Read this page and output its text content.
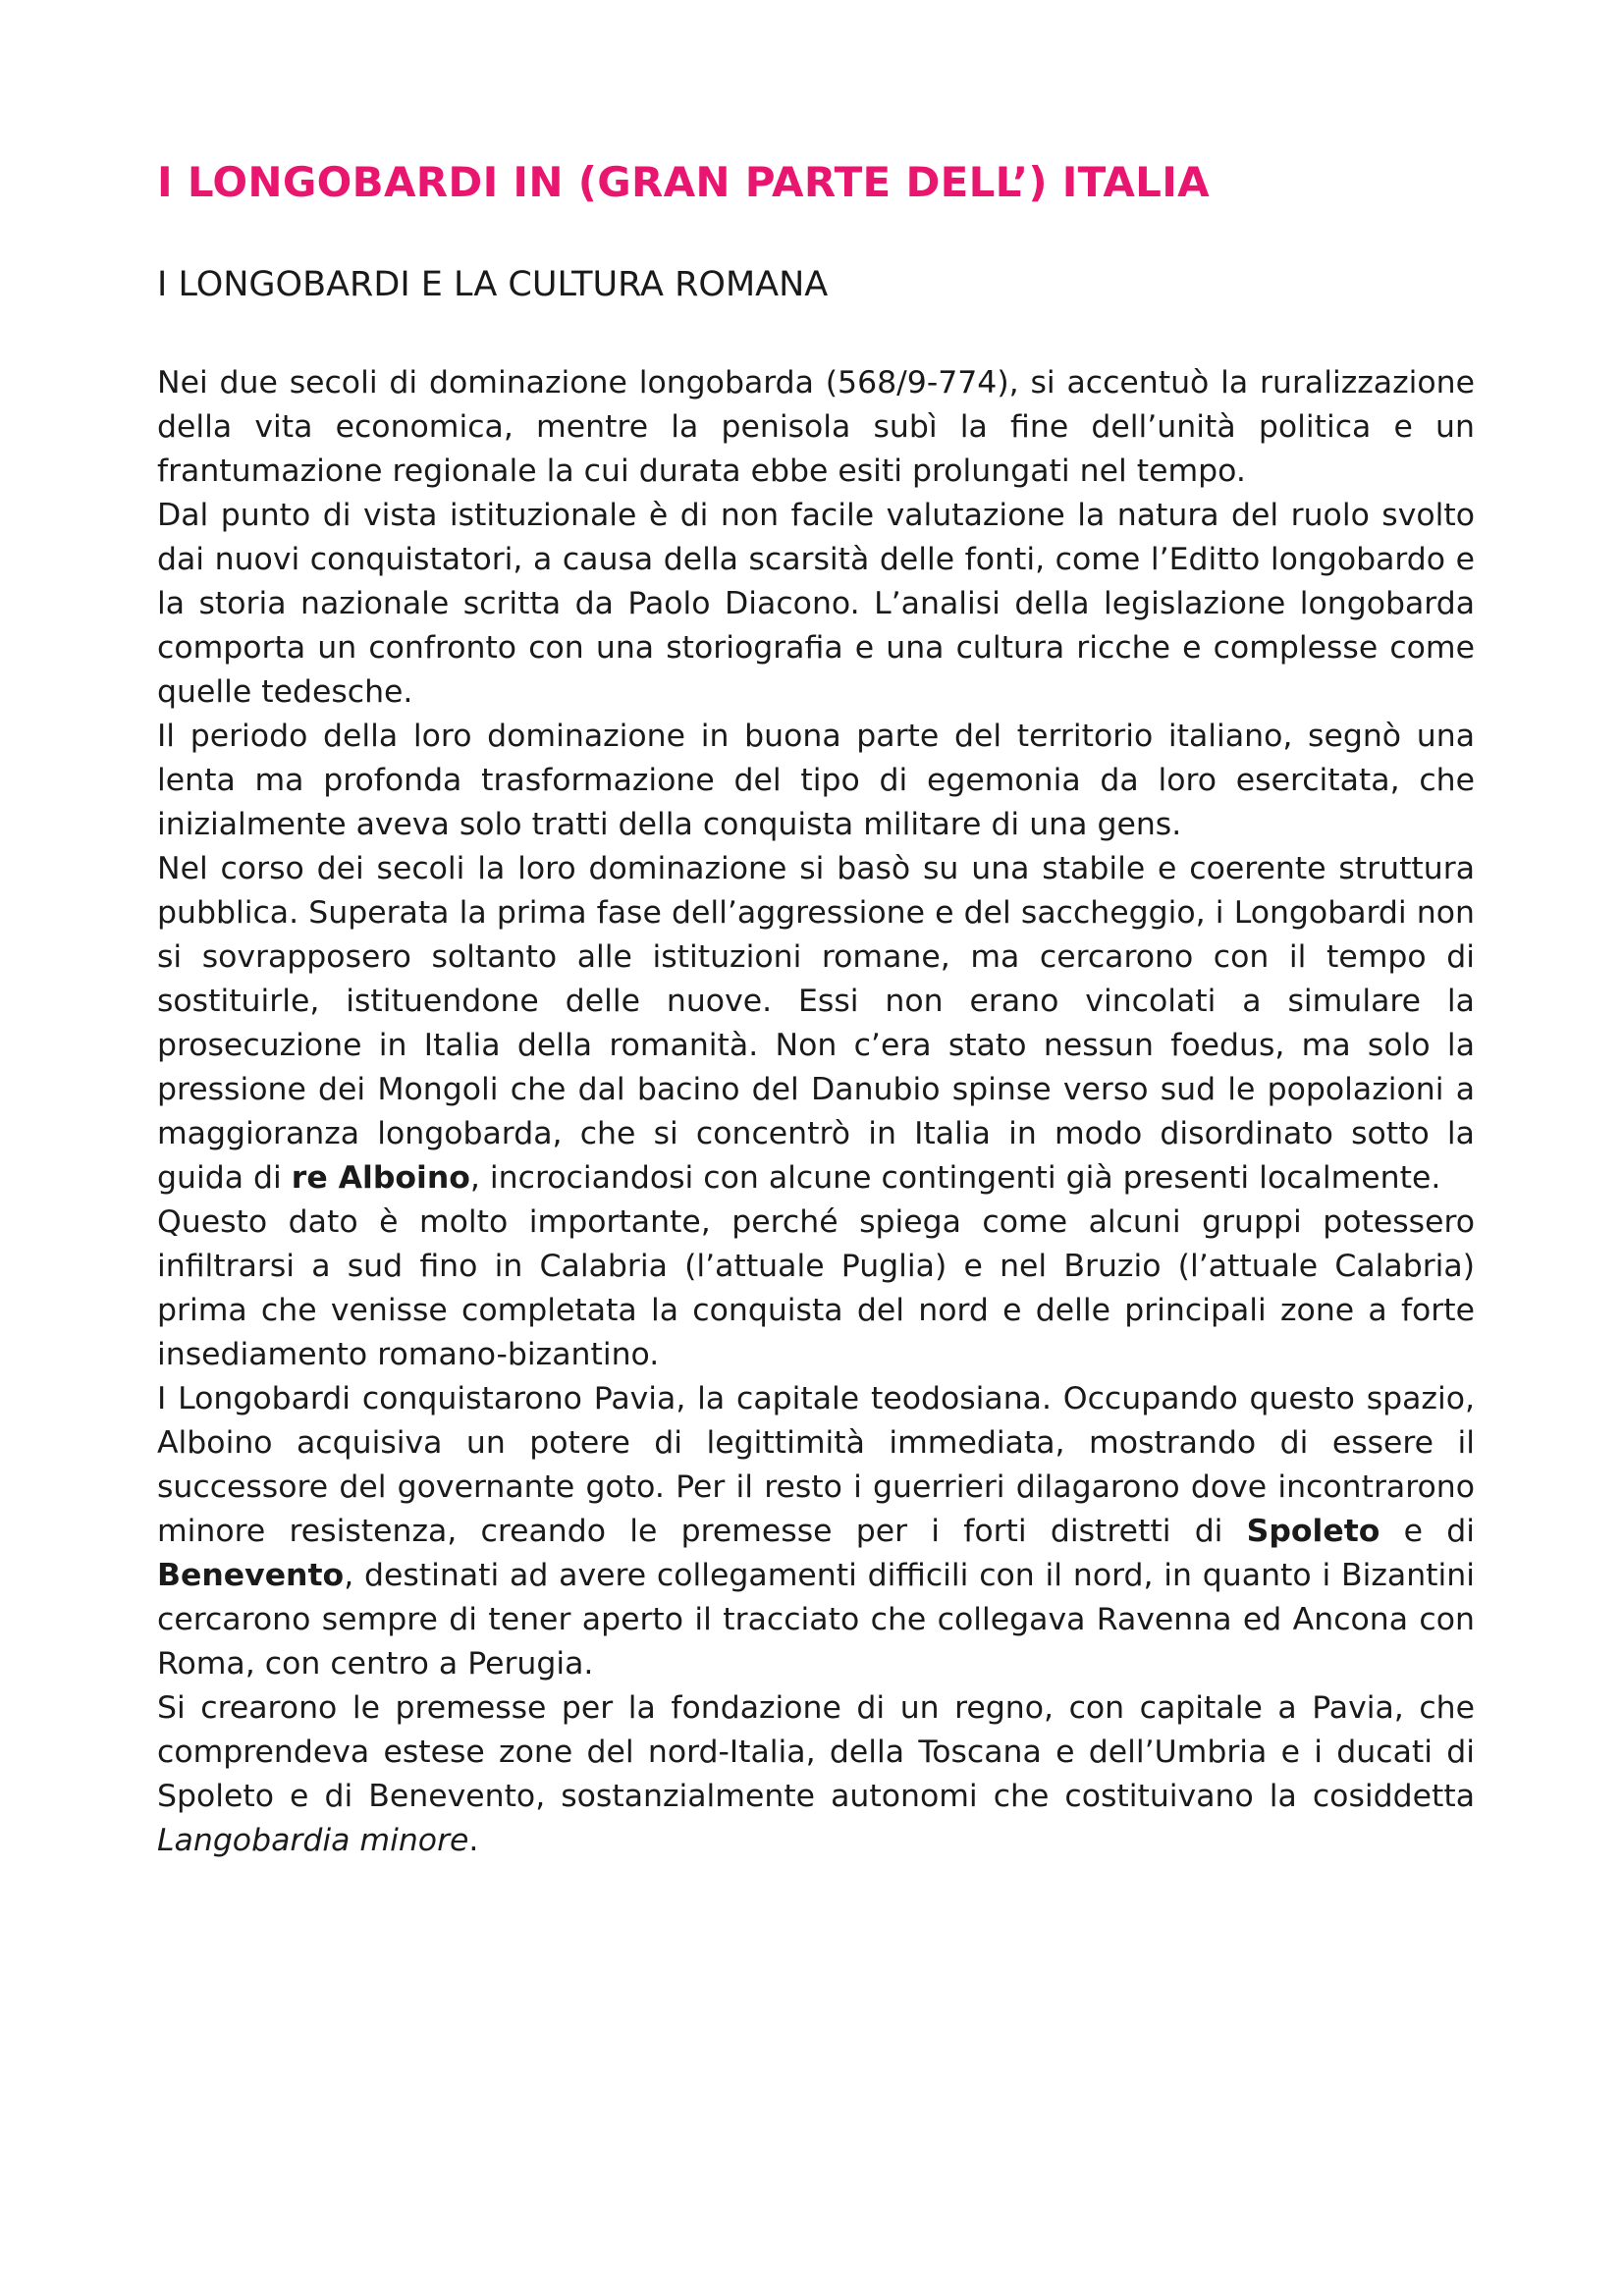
I LONGOBARDI IN (GRAN PARTE DELL’) ITALIA
I LONGOBARDI E LA CULTURA ROMANA

Nei due secoli di dominazione longobarda (568/9-774), si accentuò la ruralizzazione della vita economica, mentre la penisola subì la fine dell’unità politica e un frantumazione regionale la cui durata ebbe esiti prolungati nel tempo.

Dal punto di vista istituzionale è di non facile valutazione la natura del ruolo svolto dai nuovi conquistatori, a causa della scarsità delle fonti, come l’Editto longobardo e la storia nazionale scritta da Paolo Diacono. L’analisi della legislazione longobarda comporta un confronto con una storiografia e una cultura ricche e complesse come quelle tedesche.

Il periodo della loro dominazione in buona parte del territorio italiano, segnò una lenta ma profonda trasformazione del tipo di egemonia da loro esercitata, che inizialmente aveva solo tratti della conquista militare di una gens.

Nel corso dei secoli la loro dominazione si basò su una stabile e coerente struttura pubblica. Superata la prima fase dell’aggressione e del saccheggio, i Longobardi non si sovrapposero soltanto alle istituzioni romane, ma cercarono con il tempo di sostituirle, istituendone delle nuove. Essi non erano vincolati a simulare la prosecuzione in Italia della romanità. Non c’era stato nessun foedus, ma solo la pressione dei Mongoli che dal bacino del Danubio spinse verso sud le popolazioni a maggioranza longobarda, che si concentrò in Italia in modo disordinato sotto la guida di re Alboino, incrociandosi con alcune contingenti già presenti localmente.

Questo dato è molto importante, perché spiega come alcuni gruppi potessero infiltrarsi a sud fino in Calabria (l’attuale Puglia) e nel Bruzio (l’attuale Calabria) prima che venisse completata la conquista del nord e delle principali zone a forte insediamento romano-bizantino.

I Longobardi conquistarono Pavia, la capitale teodosiana. Occupando questo spazio, Alboino acquisiva un potere di legittimità immediata, mostrando di essere il successore del governante goto. Per il resto i guerrieri dilagarono dove incontrarono minore resistenza, creando le premesse per i forti distretti di Spoleto e di Benevento, destinati ad avere collegamenti difficili con il nord, in quanto i Bizantini cercarono sempre di tener aperto il tracciato che collegava Ravenna ed Ancona con Roma, con centro a Perugia.

Si crearono le premesse per la fondazione di un regno, con capitale a Pavia, che comprendeva estese zone del nord-Italia, della Toscana e dell’Umbria e i ducati di Spoleto e di Benevento, sostanzialmente autonomi che costituivano la cosiddetta Langobardia minore.
